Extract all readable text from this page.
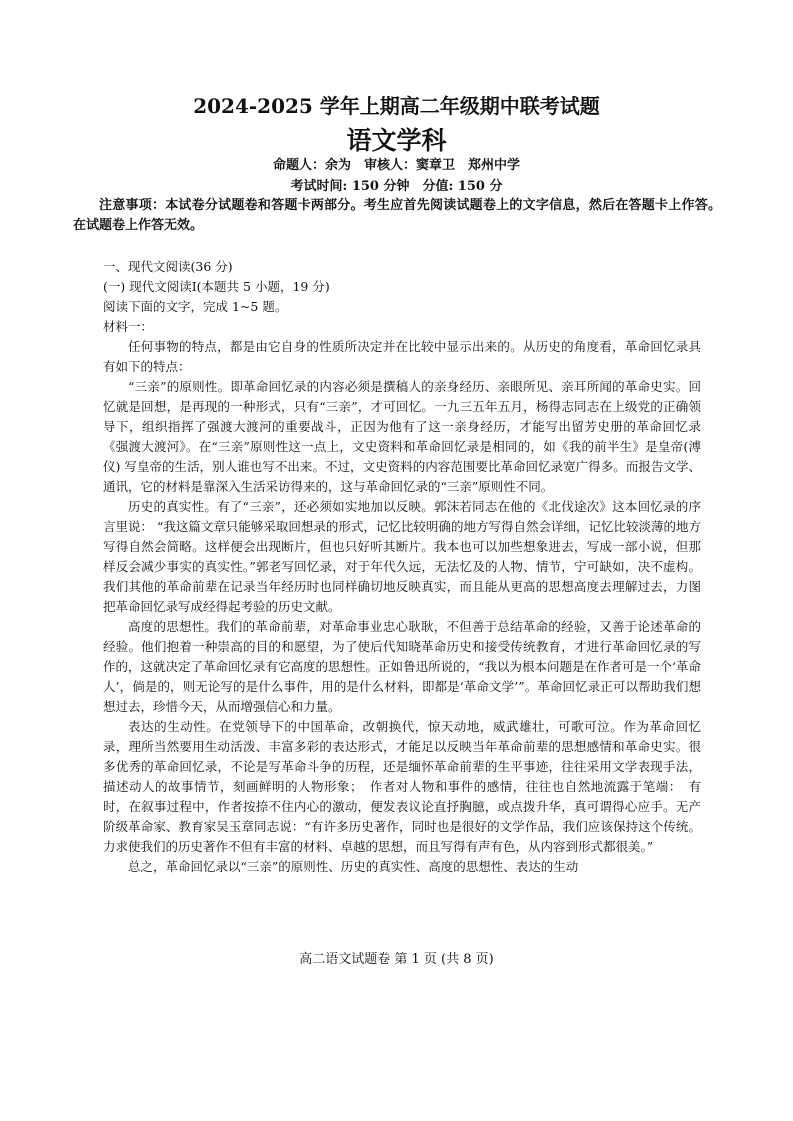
2024-2025 学年上期高二年级期中联考试题
语文学科
命题人：余为　审核人：窦章卫　郑州中学
考试时间: 150 分钟　分值: 150 分
注意事项：本试卷分试题卷和答题卡两部分。考生应首先阅读试题卷上的文字信息，然后在答题卡上作答。在试题卷上作答无效。

一、现代文阅读(36 分)

(一) 现代文阅读Ⅰ(本题共 5 小题，19 分)

阅读下面的文字，完成 1~5 题。

材料一：

任何事物的特点，都是由它自身的性质所决定并在比较中显示出来的。从历史的角度看，革命回忆录具有如下的特点：

“三亲”的原则性。即革命回忆录的内容必须是撰稿人的亲身经历、亲眼所见、亲耳所闻的革命史实。回忆就是回想，是再现的一种形式，只有“三亲”，才可回忆。一九三五年五月，杨得志同志在上级党的正确领导下，组织指挥了强渡大渡河的重要战斗，正因为他有了这一亲身经历，才能写出留芳史册的革命回忆录《强渡大渡河》。在“三亲”原则性这一点上，文史资料和革命回忆录是相同的，如《我的前半生》是皇帝(溥仪) 写皇帝的生活，别人谁也写不出来。不过，文史资料的内容范围要比革命回忆录宽广得多。而报告文学、通讯，它的材料是靠深入生活采访得来的，这与革命回忆录的“三亲”原则性不同。

历史的真实性。有了“三亲”，还必须如实地加以反映。郭沫若同志在他的《北伐途次》这本回忆录的序言里说： “我这篇文章只能够采取回想录的形式，记忆比较明确的地方写得自然会详细，记忆比较淡薄的地方写得自然会简略。这样便会出现断片，但也只好听其断片。我本也可以加些想象进去，写成一部小说，但那样反会减少事实的真实性。”郭老写回忆录，对于年代久远，无法忆及的人物、情节，宁可缺如，决不虚构。我们其他的革命前辈在记录当年经历时也同样确切地反映真实，而且能从更高的思想高度去理解过去，力图把革命回忆录写成经得起考验的历史文献。

高度的思想性。我们的革命前辈，对革命事业忠心耿耿，不但善于总结革命的经验，又善于论述革命的经验。他们抱着一种崇高的目的和愿望，为了使后代知晓革命历史和接受传统教育，才进行革命回忆录的写作的，这就决定了革命回忆录有它高度的思想性。正如鲁迅所说的，“我以为根本问题是在作者可是一个‘革命人’，倘是的，则无论写的是什么事件，用的是什么材料，即都是‘革命文学’”。革命回忆录正可以帮助我们想想过去，珍惜今天，从而增强信心和力量。

表达的生动性。在党领导下的中国革命，改朝换代，惊天动地，威武雄壮，可歌可泣。作为革命回忆录，理所当然要用生动活泼、丰富多彩的表达形式，才能足以反映当年革命前辈的思想感情和革命史实。很多优秀的革命回忆录，不论是写革命斗争的历程，还是缅怀革命前辈的生平事迹，往往采用文学表现手法，描述动人的故事情节，刻画鲜明的人物形象；　作者对人物和事件的感情，往往也自然地流露于笔端：　有时，在叙事过程中，作者按捺不住内心的激动，便发表议论直抒胸臆，或点拨升华，真可谓得心应手。无产阶级革命家、教育家吴玉章同志说：“有许多历史著作，同时也是很好的文学作品，我们应该保持这个传统。力求使我们的历史著作不但有丰富的材料、卓越的思想，而且写得有声有色，从内容到形式都很美。”

总之，革命回忆录以“三亲”的原则性、历史的真实性、高度的思想性、表达的生动

高二语文试题卷 第 1 页 (共 8 页)
